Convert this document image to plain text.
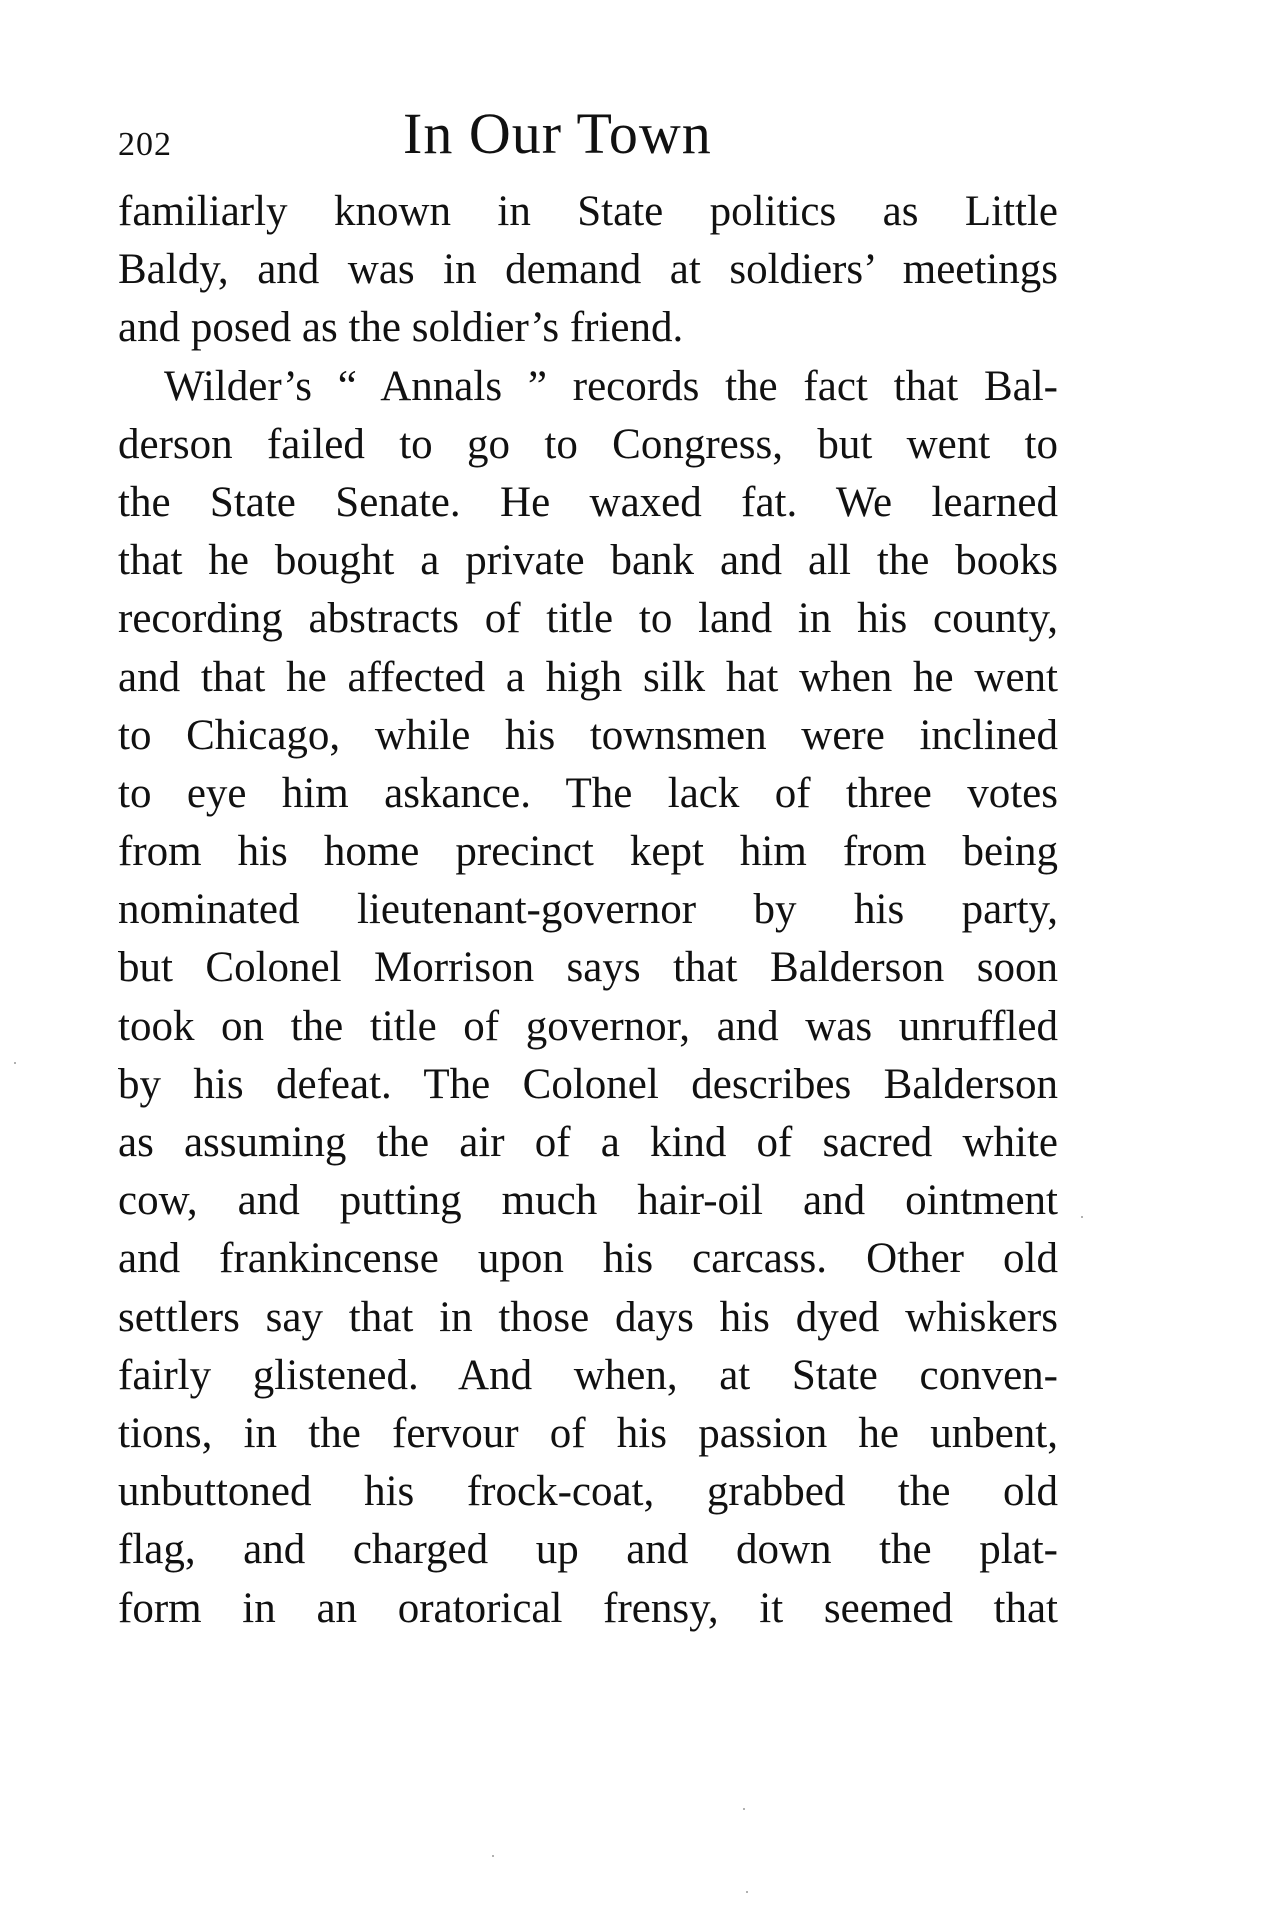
202	In Our Town
familiarly known in State politics as Little
Baldy, and was in demand at soldiers’ meetings
and posed as the soldier’s friend.
Wilder’s “ Annals ” records the fact that Bal-
derson failed to go to Congress, but went to
the State Senate. He waxed fat. We learned
that he bought a private bank and all the books
recording abstracts of title to land in his county,
and that he affected a high silk hat when he went
to Chicago, while his townsmen were inclined
to eye him askance. The lack of three votes
from his home precinct kept him from being
nominated lieutenant-governor by his party,
but Colonel Morrison says that Balderson soon
took on the title of governor, and was unruffled
by his defeat. The Colonel describes Balderson
as assuming the air of a kind of sacred white
cow, and putting much hair-oil and ointment
and frankincense upon his carcass. Other old
settlers say that in those days his dyed whiskers
fairly glistened. And when, at State conven-
tions, in the fervour of his passion he unbent,
unbuttoned his frock-coat, grabbed the old
flag, and charged up and down the plat-
form in an oratorical frensy, it seemed that
